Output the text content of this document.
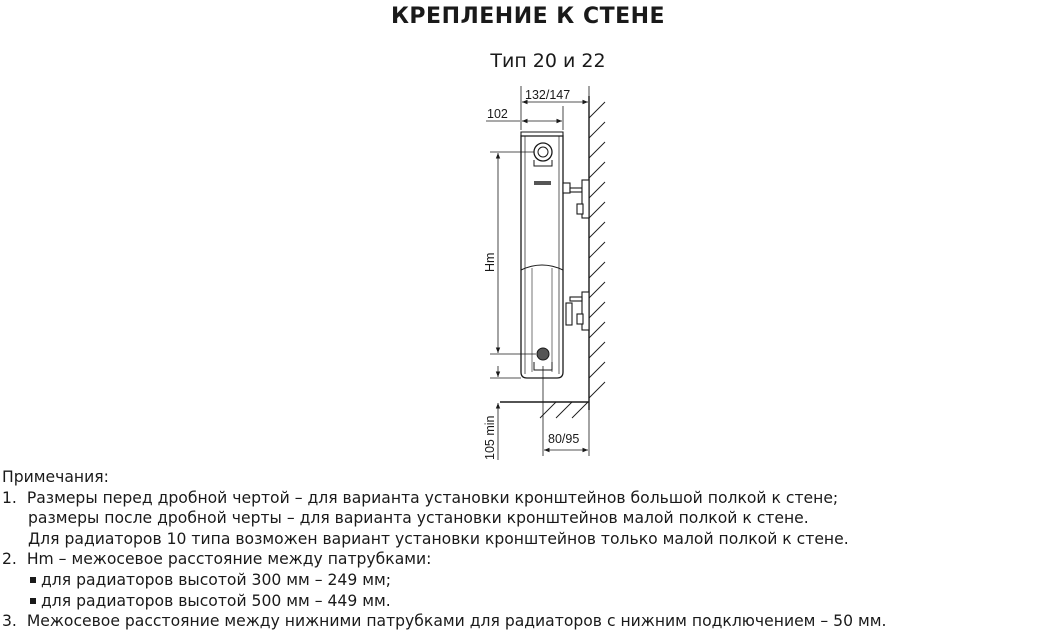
КРЕПЛЕНИЕ К СТЕНЕ
Тип 20 и 22
132/147
102
Hm
105 min	80/95
Примечания:
1. Размеры перед дробной чертой – для варианта установки кронштейнов большой полкой к стене;
размеры после дробной черты – для варианта установки кронштейнов малой полкой к стене.
Для радиаторов 10 типа возможен вариант установки кронштейнов только малой полкой к стене.
2. Hm – межосевое расстояние между патрубками:
для радиаторов высотой 300 мм – 249 мм;
для радиаторов высотой 500 мм – 449 мм.
3. Межосевое расстояние между нижними патрубками для радиаторов с нижним подключением – 50 мм.
